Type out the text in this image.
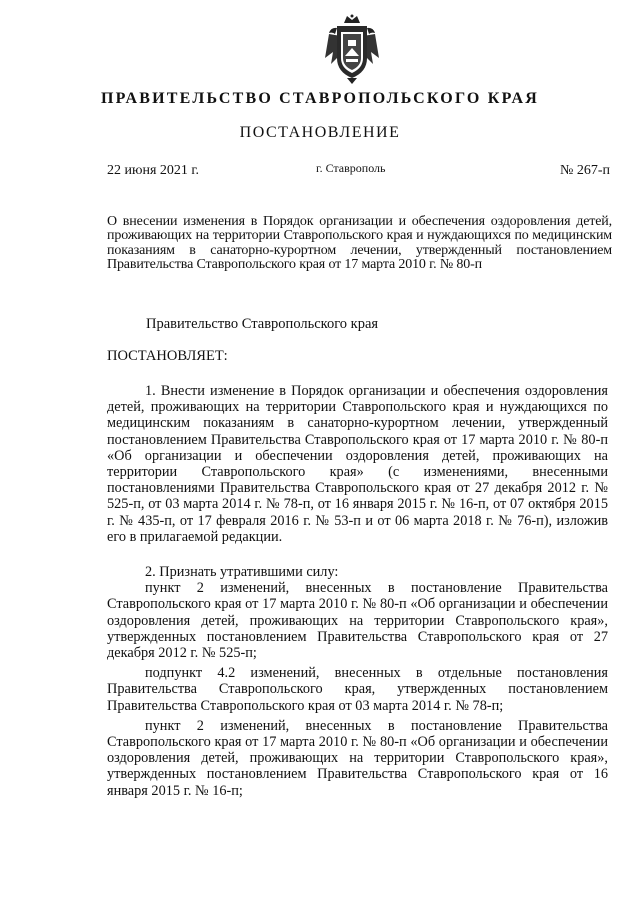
ПРАВИТЕЛЬСТВО СТАВРОПОЛЬСКОГО КРАЯ
ПОСТАНОВЛЕНИЕ
22 июня 2021 г.	г. Ставрополь	№ 267-п
О внесении изменения в Порядок организации и обеспечения оздоровления детей, проживающих на территории Ставропольского края и нуждающихся по медицинским показаниям в санаторно-курортном лечении, утвержденный постановлением Правительства Ставропольского края от 17 марта 2010 г. № 80-п
Правительство Ставропольского края
ПОСТАНОВЛЯЕТ:

1. Внести изменение в Порядок организации и обеспечения оздоровления детей, проживающих на территории Ставропольского края и нуждающихся по медицинским показаниям в санаторно-курортном лечении, утвержденный постановлением Правительства Ставропольского края от 17 марта 2010 г. № 80-п «Об организации и обеспечении оздоровления детей, проживающих на территории Ставропольского края» (с изменениями, внесенными постановлениями Правительства Ставропольского края от 27 декабря 2012 г. № 525-п, от 03 марта 2014 г. № 78-п, от 16 января 2015 г. № 16-п, от 07 октября 2015 г. № 435-п, от 17 февраля 2016 г. № 53-п и от 06 марта 2018 г. № 76-п), изложив его в прилагаемой редакции.

2. Признать утратившими силу:

пункт 2 изменений, внесенных в постановление Правительства Ставропольского края от 17 марта 2010 г. № 80-п «Об организации и обеспечении оздоровления детей, проживающих на территории Ставропольского края», утвержденных постановлением Правительства Ставропольского края от 27 декабря 2012 г. № 525-п;

подпункт 4.2 изменений, внесенных в отдельные постановления Правительства Ставропольского края, утвержденных постановлением Правительства Ставропольского края от 03 марта 2014 г. № 78-п;

пункт 2 изменений, внесенных в постановление Правительства Ставропольского края от 17 марта 2010 г. № 80-п «Об организации и обеспечении оздоровления детей, проживающих на территории Ставропольского края», утвержденных постановлением Правительства Ставропольского края от 16 января 2015 г. № 16-п;
